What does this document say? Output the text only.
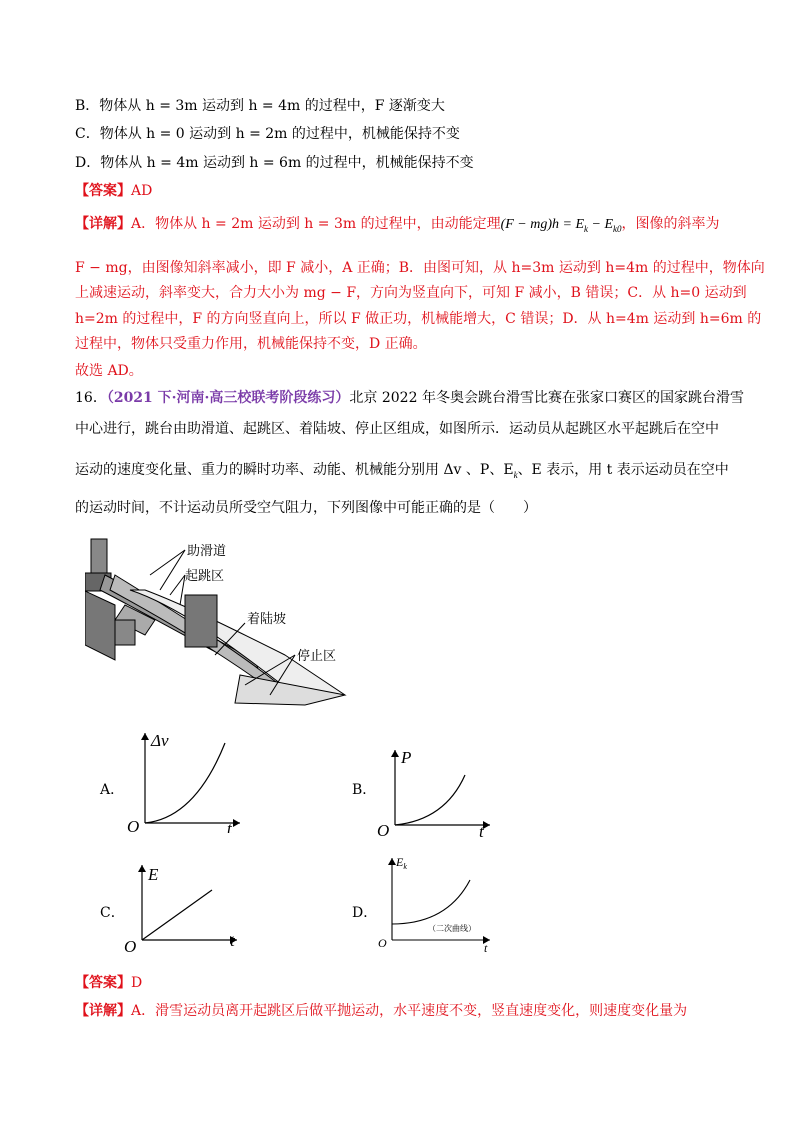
B．物体从 h = 3m 运动到 h = 4m 的过程中，F 逐渐变大
C．物体从 h = 0 运动到 h = 2m 的过程中，机械能保持不变
D．物体从 h = 4m 运动到 h = 6m 的过程中，机械能保持不变
【答案】AD
【详解】A．物体从 h = 2m 运动到 h = 3m 的过程中，由动能定理$(F - mg)h = E_k - E_{k0}$，图像的斜率为
F − mg，由图像知斜率减小，即 F 减小，A 正确；B．由图可知，从 h=3m 运动到 h=4m 的过程中，物体向
上减速运动，斜率变大，合力大小为 mg − F，方向为竖直向下，可知 F 减小，B 错误；C．从 h=0 运动到
h=2m 的过程中，F 的方向竖直向上，所以 F 做正功，机械能增大，C 错误；D．从 h=4m 运动到 h=6m 的
过程中，物体只受重力作用，机械能保持不变，D 正确。
故选 AD。
16．（2021 下·河南·高三校联考阶段练习）北京 2022 年冬奥会跳台滑雪比赛在张家口赛区的国家跳台滑雪
中心进行，跳台由助滑道、起跳区、着陆坡、停止区组成，如图所示．运动员从起跳区水平起跳后在空中
运动的速度变化量、重力的瞬时功率、动能、机械能分别用 Δv 、P、$E_k$、E 表示，用 t 表示运动员在空中
的运动时间，不计运动员所受空气阻力，下列图像中可能正确的是（　　）
助滑道
起跳区
着陆坡
停止区
A．
Δv
t
O
B．
P
t
O
C．
E
t
O
D．
$E_k$
t
O
（二次曲线）
【答案】D
【详解】A．滑雪运动员离开起跳区后做平抛运动，水平速度不变，竖直速度变化，则速度变化量为
